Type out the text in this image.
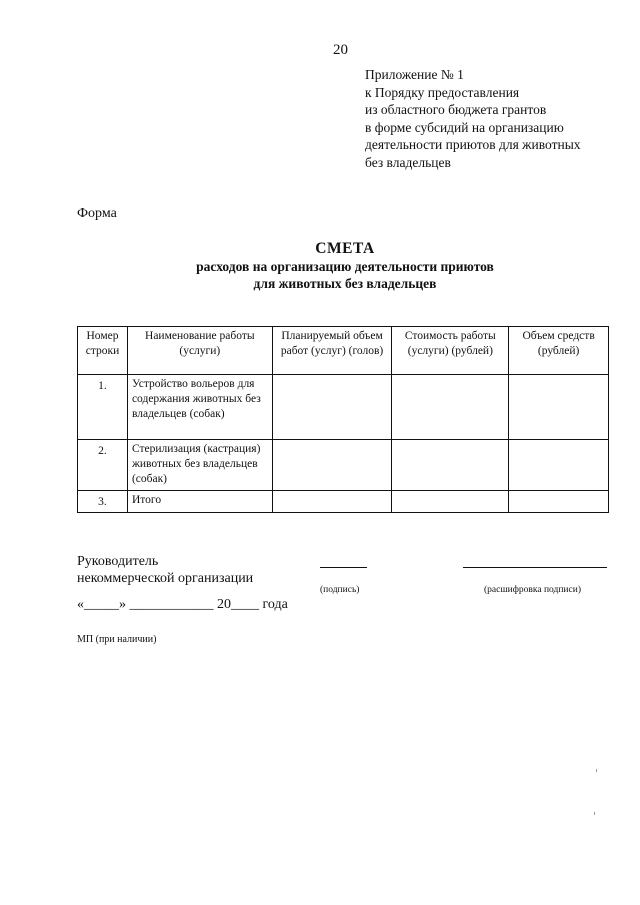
20
Приложение № 1
к Порядку предоставления
из областного бюджета грантов
в форме субсидий на организацию
деятельности приютов для животных
без владельцев
Форма
СМЕТА
расходов на организацию деятельности приютов
для животных без владельцев
Номер строки	Наименование работы (услуги)	Планируемый объем работ (услуг) (голов)	Стоимость работы (услуги) (рублей)	Объем средств (рублей)
1.	Устройство вольеров для содержания животных без владельцев (собак)			
2.	Стерилизация (кастрация) животных без владельцев (собак)			
3.	Итого			
Руководитель
некоммерческой организации
(подпись)	(расшифровка подписи)
«_____» ____________ 20____ года
МП (при наличии)
